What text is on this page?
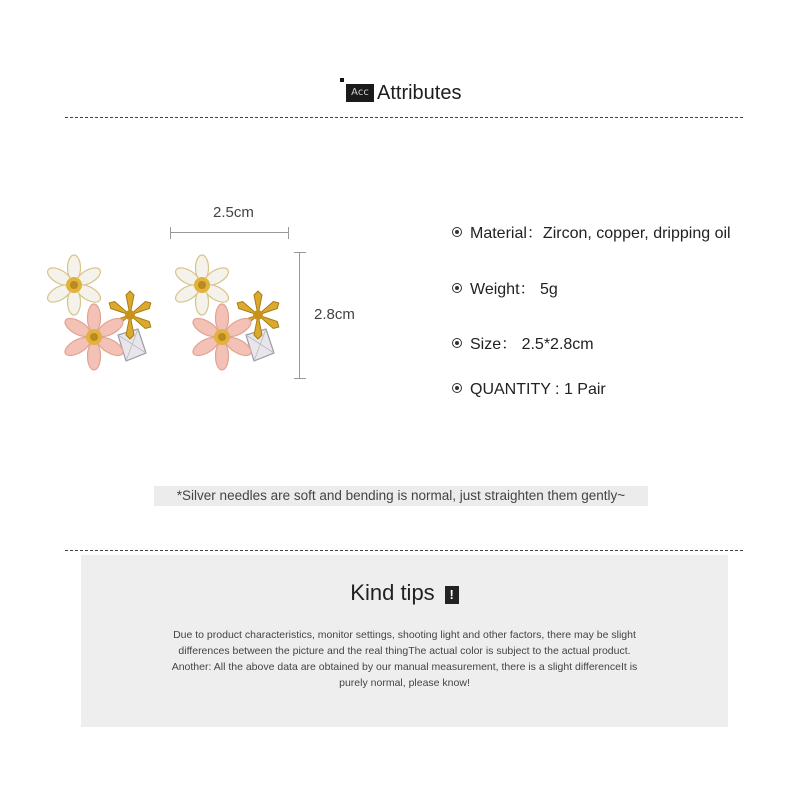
Acc Attributes
2.5cm
2.8cm
Material：Zircon, copper, dripping oil
Weight： 5g
Size： 2.5*2.8cm
QUANTITY : 1 Pair
*Silver needles are soft and bending is normal, just straighten them gently~
Kind tips !
Due to product characteristics, monitor settings, shooting light and other factors, there may be slight
differences between the picture and the real thingThe actual color is subject to the actual product.
Another: All the above data are obtained by our manual measurement, there is a slight differenceIt is
purely normal, please know!
